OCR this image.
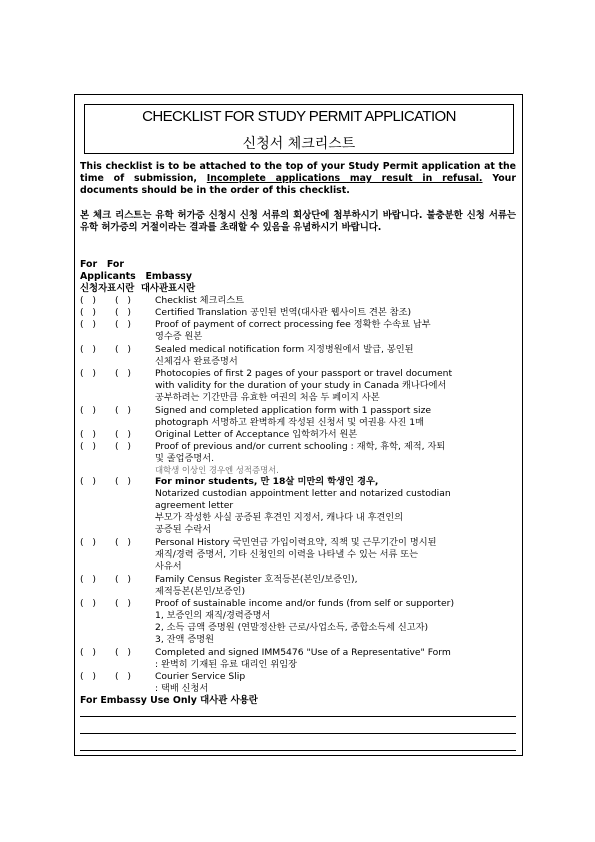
CHECKLIST FOR STUDY PERMIT APPLICATION
신청서 체크리스트
This checklist is to be attached to the top of your Study Permit application at the time of submission, Incomplete applications may result in refusal. Your documents should be in the order of this checklist.
본 체크 리스트는 유학 허가증 신청시 신청 서류의 회상단에 첨부하시기 바랍니다. 불충분한 신청 서류는 유학 허가증의 거절이라는 결과를 초래할 수 있음을 유념하시기 바랍니다.
For   For
Applicants   Embassy
신청자표시란  대사관표시란
(   ) (   )	Checklist 체크리스트
(   ) (   )	Certified Translation 공인된 번역(대사관 웹사이트 견본 참조)
(   ) (   )	Proof of payment of correct processing fee 정확한 수속료 납부
영수증 원본
(   ) (   )	Sealed medical notification form 지정병원에서 발급, 봉인된
신체검사 완료증명서
(   ) (   )	Photocopies of first 2 pages of your passport or travel document
with validity for the duration of your study in Canada 캐나다에서
공부하려는 기간만큼 유효한 여권의 처음 두 페이지 사본
(   ) (   )	Signed and completed application form with 1 passport size
photograph 서명하고 완벽하게 작성된 신청서 및 여권용 사진 1매
(   ) (   )	Original Letter of Acceptance 입학허가서 원본
(   ) (   )	Proof of previous and/or current schooling : 재학, 휴학, 제적, 자퇴
및 졸업증명서.
대학생 이상인 경우엔 성적증명서.
(   ) (   )	For minor students, 만 18살 미만의 학생인 경우,
Notarized custodian appointment letter and notarized custodian
agreement letter
부모가 작성한 사실 공증된 후견인 지정서, 캐나다 내 후견인의
공증된 수락서
(   ) (   )	Personal History 국민연금 가입이력요약, 직책 및 근무기간이 명시된
재직/경력 증명서, 기타 신청인의 이력을 나타낼 수 있는 서류 또는
사유서
(   ) (   )	Family Census Register 호적등본(본인/보증인),
제적등본(본인/보증인)
(   ) (   )	Proof of sustainable income and/or funds (from self or supporter)
1, 보증인의 재직/경력증명서
2, 소득 금액 증명원 (연말정산한 근로/사업소득, 종합소득세 신고자)
3, 잔액 증명원
(   ) (   )	Completed and signed IMM5476 "Use of a Representative" Form
: 완벽히 기재된 유료 대리인 위임장
(   ) (   )	Courier Service Slip
: 택배 신청서
For Embassy Use Only 대사관 사용란
